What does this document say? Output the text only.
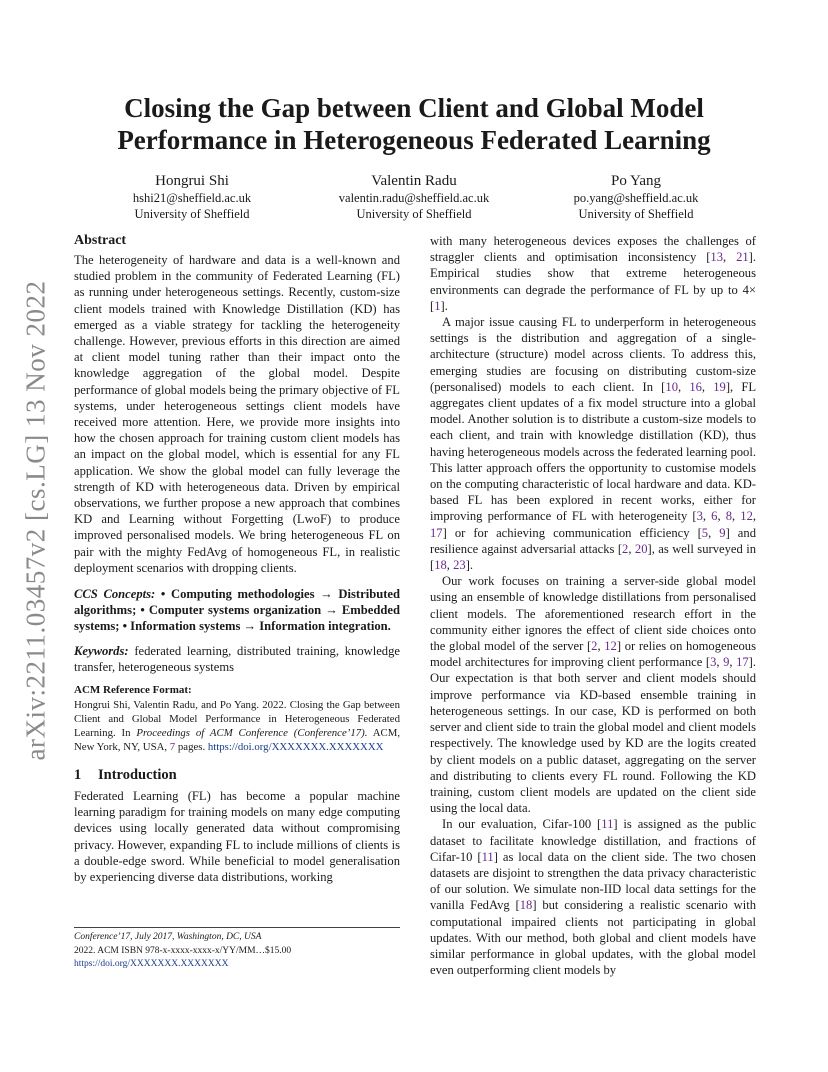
arXiv:2211.03457v2 [cs.LG] 13 Nov 2022
Closing the Gap between Client and Global Model
Performance in Heterogeneous Federated Learning
Hongrui Shi
hshi21@sheffield.ac.uk
University of Sheffield
Valentin Radu
valentin.radu@sheffield.ac.uk
University of Sheffield
Po Yang
po.yang@sheffield.ac.uk
University of Sheffield
Abstract

The heterogeneity of hardware and data is a well-known and studied problem in the community of Federated Learning (FL) as running under heterogeneous settings. Recently, custom-size client models trained with Knowledge Distillation (KD) has emerged as a viable strategy for tackling the heterogeneity challenge. However, previous efforts in this direction are aimed at client model tuning rather than their impact onto the knowledge aggregation of the global model. Despite performance of global models being the primary objective of FL systems, under heterogeneous settings client models have received more attention. Here, we provide more insights into how the chosen approach for training custom client models has an impact on the global model, which is essential for any FL application. We show the global model can fully leverage the strength of KD with heterogeneous data. Driven by empirical observations, we further propose a new approach that combines KD and Learning without Forgetting (LwoF) to produce improved personalised models. We bring heterogeneous FL on pair with the mighty FedAvg of homogeneous FL, in realistic deployment scenarios with dropping clients.

CCS Concepts: • Computing methodologies → Distributed algorithms; • Computer systems organization → Embedded systems; • Information systems → Information integration.

Keywords: federated learning, distributed training, knowledge transfer, heterogeneous systems

ACM Reference Format:

Hongrui Shi, Valentin Radu, and Po Yang. 2022. Closing the Gap between Client and Global Model Performance in Heterogeneous Federated Learning. In Proceedings of ACM Conference (Conference’17). ACM, New York, NY, USA, 7 pages. https://doi.org/XXXXXXX.XXXXXXX

1 Introduction

Federated Learning (FL) has become a popular machine learning paradigm for training models on many edge computing devices using locally generated data without compromising privacy. However, expanding FL to include millions of clients is a double-edge sword. While beneficial to model generalisation by experiencing diverse data distributions, working

Conference’17, July 2017, Washington, DC, USA
2022. ACM ISBN 978-x-xxxx-xxxx-x/YY/MM…$15.00
https://doi.org/XXXXXXX.XXXXXXX

with many heterogeneous devices exposes the challenges of straggler clients and optimisation inconsistency [13, 21]. Empirical studies show that extreme heterogeneous environments can degrade the performance of FL by up to 4× [1].

A major issue causing FL to underperform in heterogeneous settings is the distribution and aggregation of a single-architecture (structure) model across clients. To address this, emerging studies are focusing on distributing custom-size (personalised) models to each client. In [10, 16, 19], FL aggregates client updates of a fix model structure into a global model. Another solution is to distribute a custom-size models to each client, and train with knowledge distillation (KD), thus having heterogeneous models across the federated learning pool. This latter approach offers the opportunity to customise models on the computing characteristic of local hardware and data. KD-based FL has been explored in recent works, either for improving performance of FL with heterogeneity [3, 6, 8, 12, 17] or for achieving communication efficiency [5, 9] and resilience against adversarial attacks [2, 20], as well surveyed in [18, 23].

Our work focuses on training a server-side global model using an ensemble of knowledge distillations from personalised client models. The aforementioned research effort in the community either ignores the effect of client side choices onto the global model of the server [2, 12] or relies on homogeneous model architectures for improving client performance [3, 9, 17]. Our expectation is that both server and client models should improve performance via KD-based ensemble training in heterogeneous settings. In our case, KD is performed on both server and client side to train the global model and client models respectively. The knowledge used by KD are the logits created by client models on a public dataset, aggregating on the server and distributing to clients every FL round. Following the KD training, custom client models are updated on the client side using the local data.

In our evaluation, Cifar-100 [11] is assigned as the public dataset to facilitate knowledge distillation, and fractions of Cifar-10 [11] as local data on the client side. The two chosen datasets are disjoint to strengthen the data privacy characteristic of our solution. We simulate non-IID local data settings for the vanilla FedAvg [18] but considering a realistic scenario with computational impaired clients not participating in global updates. With our method, both global and client models have similar performance in global updates, with the global model even outperforming client models by
